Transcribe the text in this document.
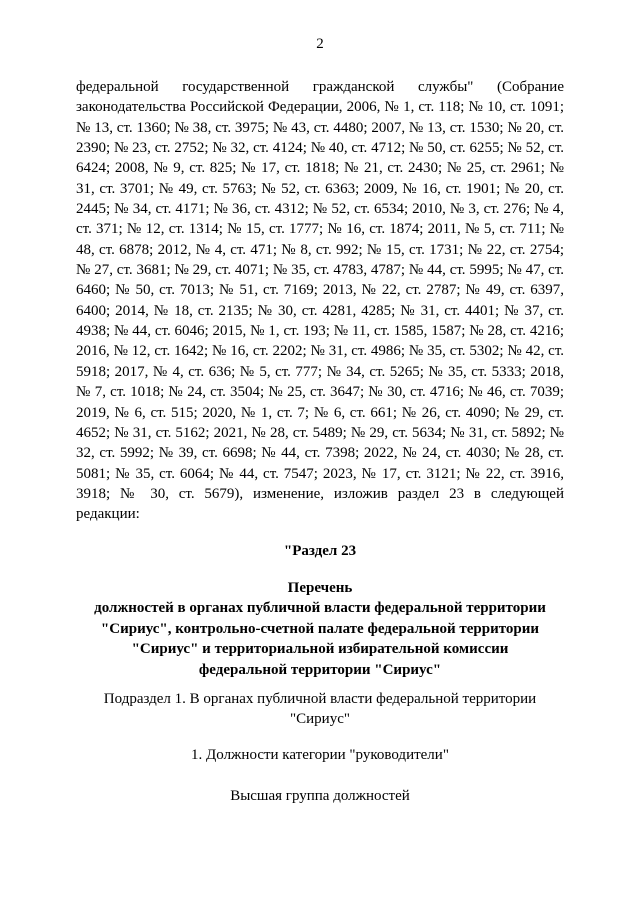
2
федеральной государственной гражданской службы" (Собрание законодательства Российской Федерации, 2006, № 1, ст. 118; № 10, ст. 1091; № 13, ст. 1360; № 38, ст. 3975; № 43, ст. 4480; 2007, № 13, ст. 1530; № 20, ст. 2390; № 23, ст. 2752; № 32, ст. 4124; № 40, ст. 4712; № 50, ст. 6255; № 52, ст. 6424; 2008, № 9, ст. 825; № 17, ст. 1818; № 21, ст. 2430; № 25, ст. 2961; № 31, ст. 3701; № 49, ст. 5763; № 52, ст. 6363; 2009, № 16, ст. 1901; № 20, ст. 2445; № 34, ст. 4171; № 36, ст. 4312; № 52, ст. 6534; 2010, № 3, ст. 276; № 4, ст. 371; № 12, ст. 1314; № 15, ст. 1777; № 16, ст. 1874; 2011, № 5, ст. 711; № 48, ст. 6878; 2012, № 4, ст. 471; № 8, ст. 992; № 15, ст. 1731; № 22, ст. 2754; № 27, ст. 3681; № 29, ст. 4071; № 35, ст. 4783, 4787; № 44, ст. 5995; № 47, ст. 6460; № 50, ст. 7013; № 51, ст. 7169; 2013, № 22, ст. 2787; № 49, ст. 6397, 6400; 2014, № 18, ст. 2135; № 30, ст. 4281, 4285; № 31, ст. 4401; № 37, ст. 4938; № 44, ст. 6046; 2015, № 1, ст. 193; № 11, ст. 1585, 1587; № 28, ст. 4216; 2016, № 12, ст. 1642; № 16, ст. 2202; № 31, ст. 4986; № 35, ст. 5302; № 42, ст. 5918; 2017, № 4, ст. 636; № 5, ст. 777; № 34, ст. 5265; № 35, ст. 5333; 2018, № 7, ст. 1018; № 24, ст. 3504; № 25, ст. 3647; № 30, ст. 4716; № 46, ст. 7039; 2019, № 6, ст. 515; 2020, № 1, ст. 7; № 6, ст. 661; № 26, ст. 4090; № 29, ст. 4652; № 31, ст. 5162; 2021, № 28, ст. 5489; № 29, ст. 5634; № 31, ст. 5892; № 32, ст. 5992; № 39, ст. 6698; № 44, ст. 7398; 2022, № 24, ст. 4030; № 28, ст. 5081; № 35, ст. 6064; № 44, ст. 7547; 2023, № 17, ст. 3121; № 22, ст. 3916, 3918; № 30, ст. 5679), изменение, изложив раздел 23 в следующей редакции:
"Раздел 23
Перечень
должностей в органах публичной власти федеральной территории
"Сириус", контрольно-счетной палате федеральной территории
"Сириус" и территориальной избирательной комиссии
федеральной территории "Сириус"
Подраздел 1. В органах публичной власти федеральной территории
"Сириус"
1. Должности категории "руководители"
Высшая группа должностей
